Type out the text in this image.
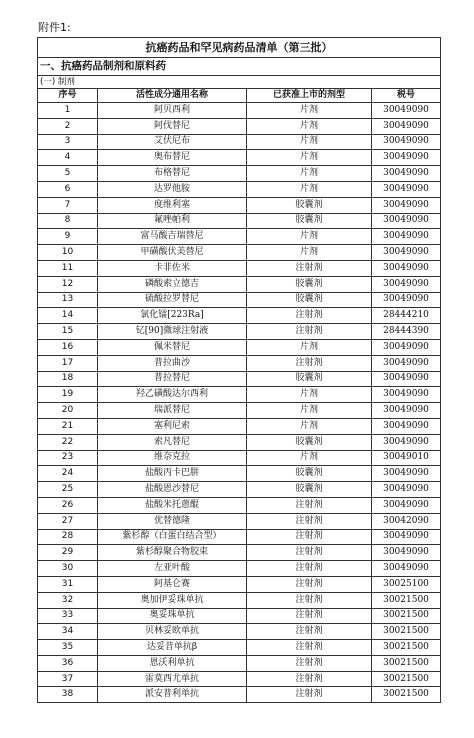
附件1:
抗癌药品和罕见病药品清单（第三批）			
一、抗癌药品制剂和原料药			
(一) 制剂			
序号	活性成分通用名称	已获准上市的剂型	税号
1	阿贝西利	片剂	30049090
2	阿伐替尼	片剂	30049090
3	艾伏尼布	片剂	30049090
4	奥布替尼	片剂	30049090
5	布格替尼	片剂	30049090
6	达罗他胺	片剂	30049090
7	度维利塞	胶囊剂	30049090
8	氟唑帕利	胶囊剂	30049090
9	富马酸吉瑞替尼	片剂	30049090
10	甲磺酸伏美替尼	片剂	30049090
11	卡非佐米	注射剂	30049090
12	磷酸索立德吉	胶囊剂	30049090
13	硫酸拉罗替尼	胶囊剂	30049090
14	氯化镭[223Ra]	注射剂	28444210
15	钇[90]微球注射液	注射剂	28444390
16	佩米替尼	片剂	30049090
17	普拉曲沙	注射剂	30049090
18	普拉替尼	胶囊剂	30049090
19	羟乙磺酸达尔西利	片剂	30049090
20	瑞派替尼	片剂	30049090
21	塞利尼索	片剂	30049090
22	索凡替尼	胶囊剂	30049090
23	维奈克拉	片剂	30049010
24	盐酸丙卡巴肼	胶囊剂	30049090
25	盐酸恩沙替尼	胶囊剂	30049090
26	盐酸米托蒽醌	注射剂	30049090
27	优替德隆	注射剂	30042090
28	紫杉醇（白蛋白结合型）	注射剂	30049090
29	紫杉醇聚合物胶束	注射剂	30049090
30	左亚叶酸	注射剂	30049090
31	阿基仑赛	注射剂	30025100
32	奥加伊妥珠单抗	注射剂	30021500
33	奥妥珠单抗	注射剂	30021500
34	贝林妥欧单抗	注射剂	30021500
35	达妥昔单抗β	注射剂	30021500
36	恩沃利单抗	注射剂	30021500
37	雷莫西尤单抗	注射剂	30021500
38	派安普利单抗	注射剂	30021500
